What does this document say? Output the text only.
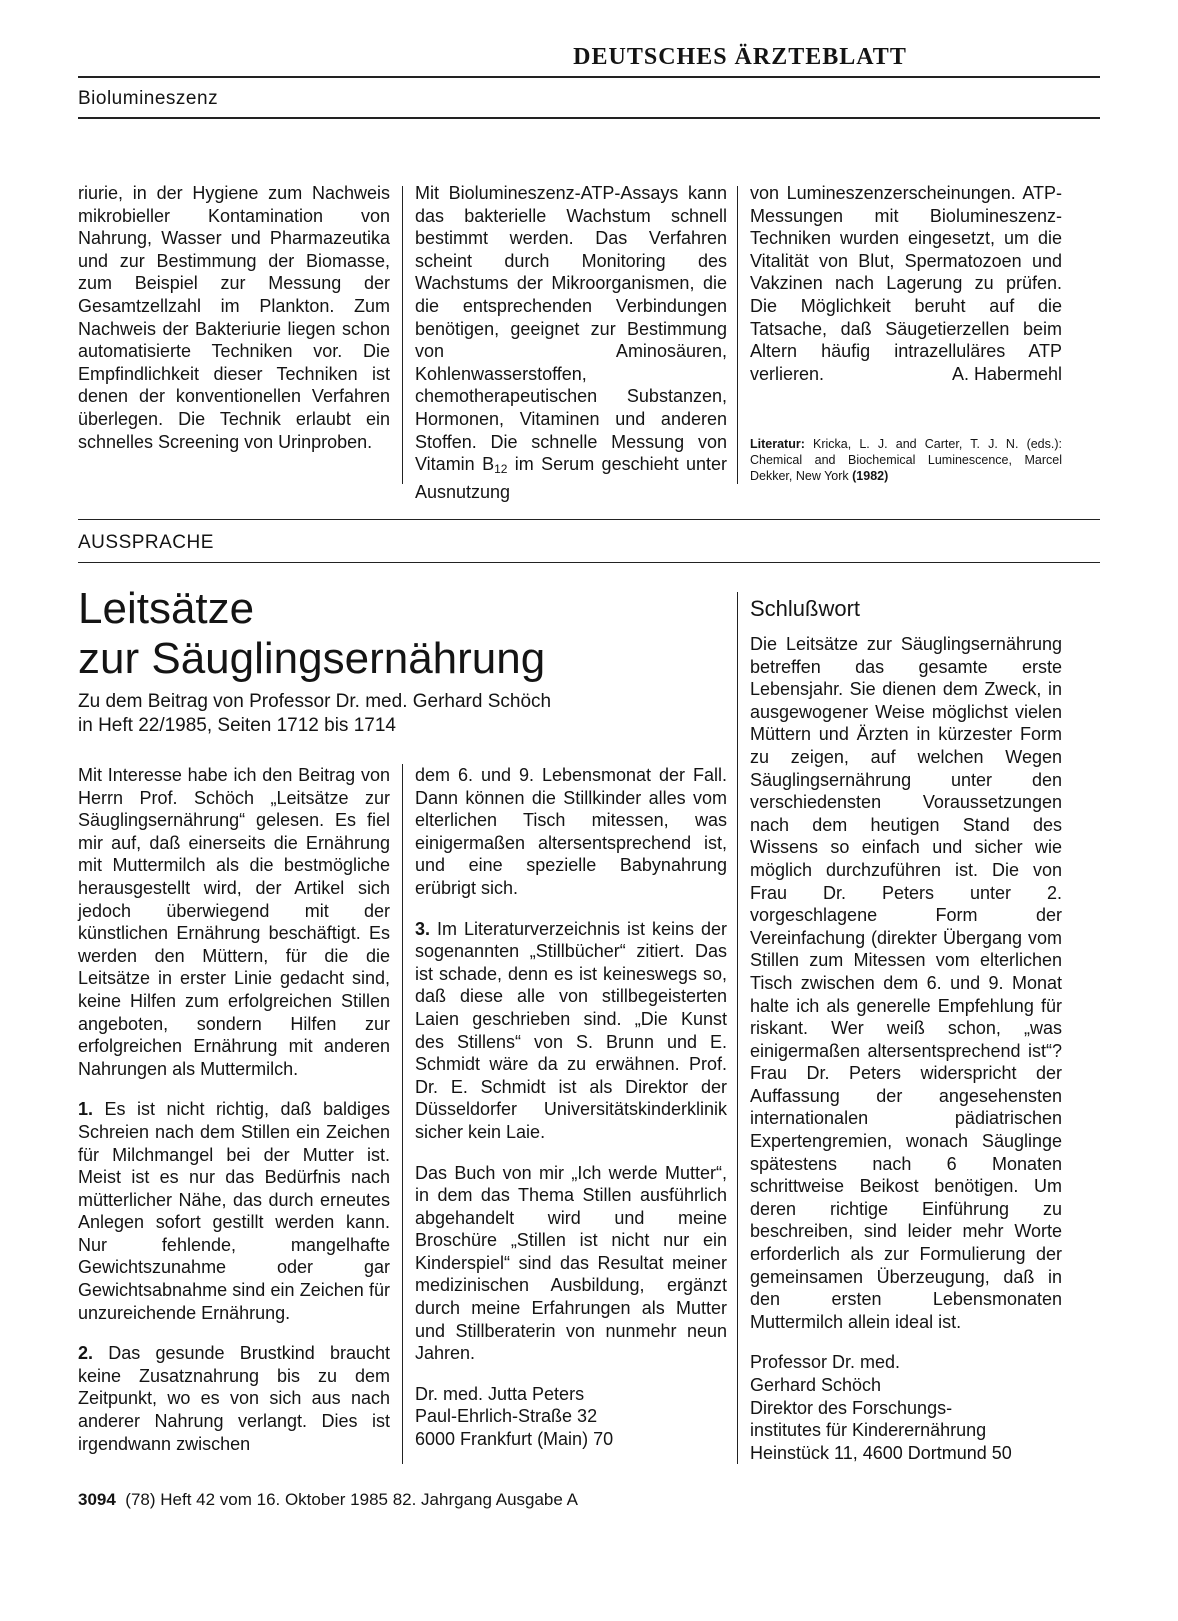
DEUTSCHES ÄRZTEBLATT
Biolumineszenz
riurie, in der Hygiene zum Nachweis mikrobieller Kontamination von Nahrung, Wasser und Pharmazeutika und zur Bestimmung der Biomasse, zum Beispiel zur Messung der Gesamtzellzahl im Plankton. Zum Nachweis der Bakteriurie liegen schon automatisierte Techniken vor. Die Empfindlichkeit dieser Techniken ist denen der konventionellen Verfahren überlegen. Die Technik erlaubt ein schnelles Screening von Urinproben.
Mit Biolumineszenz-ATP-Assays kann das bakterielle Wachstum schnell bestimmt werden. Das Verfahren scheint durch Monitoring des Wachstums der Mikroorganismen, die die entsprechenden Verbindungen benötigen, geeignet zur Bestimmung von Aminosäuren, Kohlenwasserstoffen, chemotherapeutischen Substanzen, Hormonen, Vitaminen und anderen Stoffen. Die schnelle Messung von Vitamin $B_{12}$ im Serum geschieht unter Ausnutzung
von Lumineszenzerscheinungen. ATP-Messungen mit Biolumineszenz-Techniken wurden eingesetzt, um die Vitalität von Blut, Spermatozoen und Vakzinen nach Lagerung zu prüfen. Die Möglichkeit beruht auf die Tatsache, daß Säugetierzellen beim Altern häufig intrazelluläres ATP verlieren.	A. Habermehl
Literatur: Kricka, L. J. and Carter, T. J. N. (eds.): Chemical and Biochemical Luminescence, Marcel Dekker, New York (1982)
AUSSPRACHE
Leitsätze
zur Säuglingsernährung
Zu dem Beitrag von Professor Dr. med. Gerhard Schöch
in Heft 22/1985, Seiten 1712 bis 1714

Mit Interesse habe ich den Beitrag von Herrn Prof. Schöch „Leitsätze zur Säuglingsernährung“ gelesen. Es fiel mir auf, daß einerseits die Ernährung mit Muttermilch als die bestmögliche herausgestellt wird, der Artikel sich jedoch überwiegend mit der künstlichen Ernährung beschäftigt. Es werden den Müttern, für die die Leitsätze in erster Linie gedacht sind, keine Hilfen zum erfolgreichen Stillen angeboten, sondern Hilfen zur erfolgreichen Ernährung mit anderen Nahrungen als Muttermilch.

1. Es ist nicht richtig, daß baldiges Schreien nach dem Stillen ein Zeichen für Milchmangel bei der Mutter ist. Meist ist es nur das Bedürfnis nach mütterlicher Nähe, das durch erneutes Anlegen sofort gestillt werden kann. Nur fehlende, mangelhafte Gewichtszunahme oder gar Gewichtsabnahme sind ein Zeichen für unzureichende Ernährung.

2. Das gesunde Brustkind braucht keine Zusatznahrung bis zu dem Zeitpunkt, wo es von sich aus nach anderer Nahrung verlangt. Dies ist irgendwann zwischen

dem 6. und 9. Lebensmonat der Fall. Dann können die Stillkinder alles vom elterlichen Tisch mitessen, was einigermaßen altersentsprechend ist, und eine spezielle Babynahrung erübrigt sich.

3. Im Literaturverzeichnis ist keins der sogenannten „Stillbücher“ zitiert. Das ist schade, denn es ist keineswegs so, daß diese alle von stillbegeisterten Laien geschrieben sind. „Die Kunst des Stillens“ von S. Brunn und E. Schmidt wäre da zu erwähnen. Prof. Dr. E. Schmidt ist als Direktor der Düsseldorfer Universitätskinderklinik sicher kein Laie.

Das Buch von mir „Ich werde Mutter“, in dem das Thema Stillen ausführlich abgehandelt wird und meine Broschüre „Stillen ist nicht nur ein Kinderspiel“ sind das Resultat meiner medizinischen Ausbildung, ergänzt durch meine Erfahrungen als Mutter und Stillberaterin von nunmehr neun Jahren.

Dr. med. Jutta Peters
Paul-Ehrlich-Straße 32
6000 Frankfurt (Main) 70
Schlußwort

Die Leitsätze zur Säuglingsernährung betreffen das gesamte erste Lebensjahr. Sie dienen dem Zweck, in ausgewogener Weise möglichst vielen Müttern und Ärzten in kürzester Form zu zeigen, auf welchen Wegen Säuglingsernährung unter den verschiedensten Voraussetzungen nach dem heutigen Stand des Wissens so einfach und sicher wie möglich durchzuführen ist. Die von Frau Dr. Peters unter 2. vorgeschlagene Form der Vereinfachung (direkter Übergang vom Stillen zum Mitessen vom elterlichen Tisch zwischen dem 6. und 9. Monat halte ich als generelle Empfehlung für riskant. Wer weiß schon, „was einigermaßen altersentsprechend ist“? Frau Dr. Peters widerspricht der Auffassung der angesehensten internationalen pädiatrischen Expertengremien, wonach Säuglinge spätestens nach 6 Monaten schrittweise Beikost benötigen. Um deren richtige Einführung zu beschreiben, sind leider mehr Worte erforderlich als zur Formulierung der gemeinsamen Überzeugung, daß in den ersten Lebensmonaten Muttermilch allein ideal ist.

Professor Dr. med.
Gerhard Schöch
Direktor des Forschungs-
institutes für Kinderernährung
Heinstück 11, 4600 Dortmund 50
3094 (78) Heft 42 vom 16. Oktober 1985 82. Jahrgang Ausgabe A
